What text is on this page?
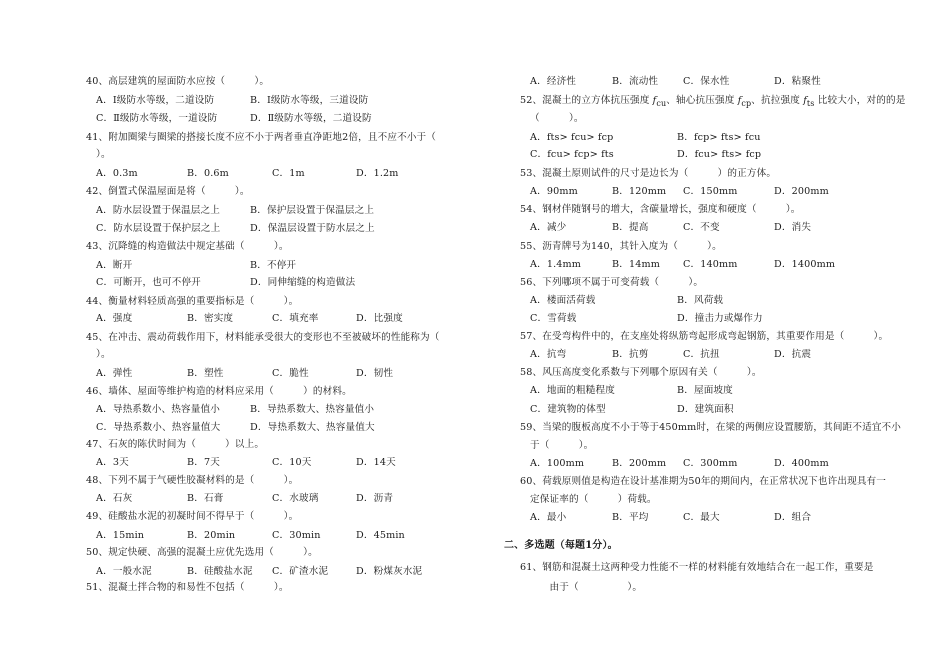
40、高层建筑的屋面防水应按（　　　）。
A．Ⅰ级防水等级，二道设防	B．Ⅰ级防水等级，三道设防
C．Ⅱ级防水等级，一道设防	D．Ⅱ级防水等级，二道设防
41、附加圈梁与圈梁的搭接长度不应不小于两者垂直净距地2倍，且不应不小于（
）。
A．0.3m	B．0.6m	C．1m	D．1.2m
42、倒置式保温屋面是将（　　　）。
A．防水层设置于保温层之上	B．保护层设置于保温层之上
C．防水层设置于保护层之上	D．保温层设置于防水层之上
43、沉降缝的构造做法中规定基础（　　　）。
A．断开	B．不停开
C．可断开，也可不停开	D．同伸缩缝的构造做法
44、衡量材料轻质高强的重要指标是（　　　）。
A．强度	B．密实度	C．填充率	D．比强度
45、在冲击、震动荷载作用下，材料能承受很大的变形也不至被破坏的性能称为（
）。
A．弹性	B．塑性	C．脆性	D．韧性
46、墙体、屋面等维护构造的材料应采用（　　　）的材料。
A．导热系数小、热容量值小	B．导热系数大、热容量值小
C．导热系数小、热容量值大	D．导热系数大、热容量值大
47、石灰的陈伏时间为（　　　）以上。
A．3天	B．7天	C．10天	D．14天
48、下列不属于气硬性胶凝材料的是（　　　）。
A．石灰	B．石膏	C．水玻璃	D．沥青
49、硅酸盐水泥的初凝时间不得早于（　　　）。
A．15min	B．20min	C．30min	D．45min
50、规定快硬、高强的混凝土应优先选用（　　　）。
A．一般水泥	B．硅酸盐水泥 C．矿渣水泥	D．粉煤灰水泥
51、混凝土拌合物的和易性不包括（　　　）。
A．经济性	B．流动性	C．保水性	D．粘聚性
52、混凝土的立方体抗压强度 $f_{cu}$、轴心抗压强度 $f_{cp}$、抗拉强度 $f_{ts}$ 比较大小，对的的是
（　　　）。
A．fts> fcu> fcp	B．fcp> fts> fcu
C．fcu> fcp> fts	D．fcu> fts> fcp
53、混凝土原则试件的尺寸是边长为（　　　）的正方体。
A．90mm	B．120mm C．150mm	D．200mm
54、钢材伴随钢号的增大，含碳量增长，强度和硬度（　　　）。
A．减少	B．提高	C．不变	D．消失
55、沥青牌号为140，其针入度为（　　　）。
A．1.4mm	B．14mm C．140mm	D．1400mm
56、下列哪项不属于可变荷载（　　　）。
A．楼面活荷载	B．风荷载
C．雪荷载	D．撞击力或爆作力
57、在受弯构件中的，在支座处将纵筋弯起形成弯起钢筋，其重要作用是（　　　）。
A．抗弯	B．抗剪	C．抗扭	D．抗震
58、风压高度变化系数与下列哪个原因有关（　　　）。
A．地面的粗糙程度	B．屋面坡度
C．建筑物的体型	D．建筑面积
59、当梁的腹板高度不小于等于450mm时，在梁的两侧应设置腰筋，其间距不适宜不小
于（　　　）。
A．100mm	B．200mm C．300mm	D．400mm
60、荷载原则值是构造在设计基准期为50年的期间内，在正常状况下也许出现具有一
定保证率的（　　　）荷载。
A．最小	B．平均	C．最大	D．组合
二、多选题（每题1分）。
61、钢筋和混凝土这两种受力性能不一样的材料能有效地结合在一起工作，重要是
　　由于（　　　　　）。
